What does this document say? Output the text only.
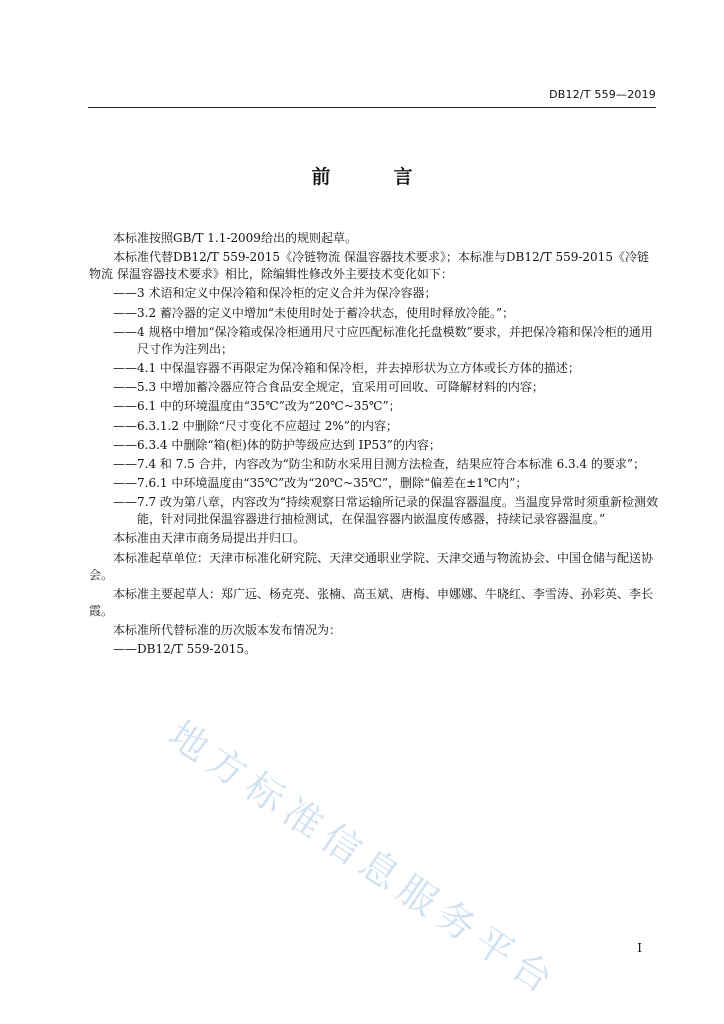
DB12/T 559—2019
前　言

本标准按照GB/T 1.1-2009给出的规则起草。

本标准代替DB12/T 559-2015《冷链物流 保温容器技术要求》；本标准与DB12/T 559-2015《冷链物流 保温容器技术要求》相比，除编辑性修改外主要技术变化如下：

——3 术语和定义中保冷箱和保冷柜的定义合并为保冷容器；

——3.2 蓄冷器的定义中增加“未使用时处于蓄冷状态，使用时释放冷能。”；

——4 规格中增加“保冷箱或保冷柜通用尺寸应匹配标准化托盘模数”要求，并把保冷箱和保冷柜的通用尺寸作为注列出；

——4.1 中保温容器不再限定为保冷箱和保冷柜，并去掉形状为立方体或长方体的描述；

——5.3 中增加蓄冷器应符合食品安全规定，宜采用可回收、可降解材料的内容；

——6.1 中的环境温度由“35℃”改为“20℃~35℃”；

——6.3.1.2 中删除“尺寸变化不应超过 2%”的内容；

——6.3.4 中删除“箱(柜)体的防护等级应达到 IP53”的内容；

——7.4 和 7.5 合并，内容改为“防尘和防水采用目测方法检查，结果应符合本标准 6.3.4 的要求”；

——7.6.1 中环境温度由“35℃”改为“20℃~35℃”，删除“偏差在±1℃内”；

——7.7 改为第八章，内容改为“持续观察日常运输所记录的保温容器温度。当温度异常时须重新检测效能，针对同批保温容器进行抽检测试，在保温容器内嵌温度传感器，持续记录容器温度。”

本标准由天津市商务局提出并归口。

本标准起草单位：天津市标准化研究院、天津交通职业学院、天津交通与物流协会、中国仓储与配送协会。

本标准主要起草人：郑广远、杨克亮、张楠、高玉斌、唐梅、申娜娜、牛晓红、李雪涛、孙彩英、李长霞。

本标准所代替标准的历次版本发布情况为：

——DB12/T 559-2015。

地方标准信息服务平台	I
